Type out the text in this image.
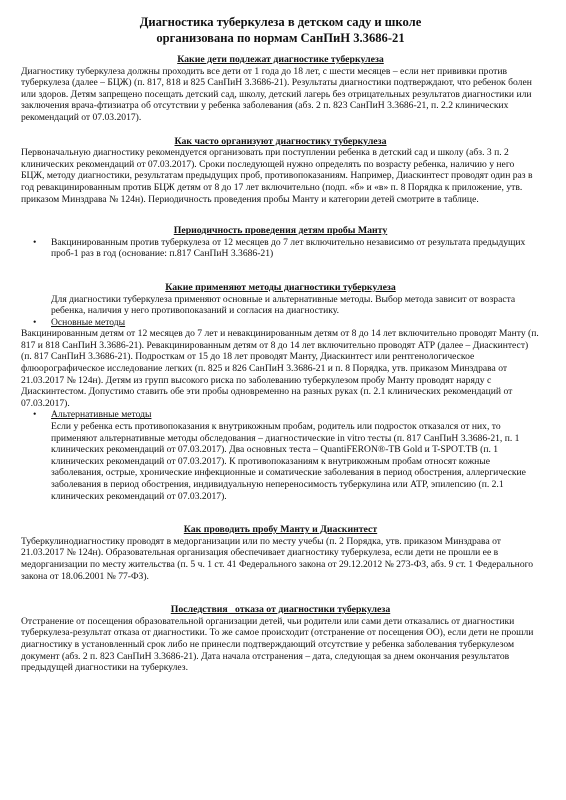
Диагностика туберкулеза в детском саду и школе
организована по нормам СанПиН 3.3686-21
Какие дети подлежат диагностике туберкулеза

Диагностику туберкулеза должны проходить все дети от 1 года до 18 лет, с шести месяцев – если нет прививки против туберкулеза (далее – БЦЖ) (п. 817, 818 и 825 СанПиН 3.3686-21). Результаты диагностики подтверждают, что ребенок болен или здоров. Детям запрещено посещать детский сад, школу, детский лагерь без отрицательных результатов диагностики или заключения врача-фтизиатра об отсутствии у ребенка заболевания (абз. 2 п. 823 СанПиН 3.3686-21, п. 2.2 клинических рекомендаций от 07.03.2017).

Как часто организуют диагностику туберкулеза

Первоначальную диагностику рекомендуется организовать при поступлении ребенка в детский сад и школу (абз. 3 п. 2 клинических рекомендаций от 07.03.2017). Сроки последующей нужно определять по возрасту ребенка, наличию у него БЦЖ, методу диагностики, результатам предыдущих проб, противопоказаниям. Например, Диаскинтест проводят один раз в год ревакцинированным против БЦЖ детям от 8 до 17 лет включительно (подп. «б» и «в» п. 8 Порядка к приложение, утв. приказом Минздрава № 124н). Периодичность проведения пробы Манту и категории детей смотрите в таблице.

Периодичность проведения детям пробы Манту
• Вакцинированным против туберкулеза от 12 месяцев до 7 лет включительно независимо от результата предыдущих проб-1 раз в год (основание: п.817 СанПиН 3.3686-21)
Какие применяют методы диагностики туберкулеза

Для диагностики туберкулеза применяют основные и альтернативные методы. Выбор метода зависит от возраста ребенка, наличия у него противопоказаний и согласия на диагностику.

• Основные методы

Вакцинированным детям от 12 месяцев до 7 лет и невакцинированным детям от 8 до 14 лет включительно проводят Манту (п. 817 и 818 СанПиН 3.3686-21). Ревакцинированным детям от 8 до 14 лет включительно проводят АТР (далее – Диаскинтест) (п. 817 СанПиН 3.3686-21). Подросткам от 15 до 18 лет проводят Манту, Диаскинтест или рентгенологическое флюорографическое исследование легких (п. 825 и 826 СанПиН 3.3686-21 и п. 8 Порядка, утв. приказом Минздрава от 21.03.2017 № 124н). Детям из групп высокого риска по заболеванию туберкулезом пробу Манту проводят наряду с Диаскинтестом. Допустимо ставить обе эти пробы одновременно на разных руках (п. 2.1 клинических рекомендаций от 07.03.2017).

• Альтернативные методы

Если у ребенка есть противопоказания к внутрикожным пробам, родитель или подросток отказался от них, то применяют альтернативные методы обследования – диагностические in vitro тесты (п. 817 СанПиН 3.3686-21, п. 1 клинических рекомендаций от 07.03.2017). Два основных теста – QuantiFERON®-TB Gold и T-SPOT.TB (п. 1 клинических рекомендаций от 07.03.2017). К противопоказаниям к внутрикожным пробам относят кожные заболевания, острые, хронические инфекционные и соматические заболевания в период обострения, аллергические заболевания в период обострения, индивидуальную непереносимость туберкулина или АТР, эпилепсию (п. 2.1 клинических рекомендаций от 07.03.2017).

Как проводить пробу Манту и Диаскинтест

Туберкулинодиагностику проводят в медорганизации или по месту учебы (п. 2 Порядка, утв. приказом Минздрава от 21.03.2017 № 124н). Образовательная организация обеспечивает диагностику туберкулеза, если дети не прошли ее в медорганизации по месту жительства (п. 5 ч. 1 ст. 41 Федерального закона от 29.12.2012 № 273-ФЗ, абз. 9 ст. 1 Федерального закона от 18.06.2001 № 77-ФЗ).

Последствия   отказа от диагностики туберкулеза

Отстранение от посещения образовательной организации детей, чьи родители или сами дети отказались от диагностики туберкулеза-результат отказа от диагностики. То же самое происходит (отстранение от посещения ОО), если дети не прошли диагностику в установленный срок либо не принесли подтверждающий отсутствие у ребенка заболевания туберкулезом документ (абз. 2 п. 823 СанПиН 3.3686-21). Дата начала отстранения – дата, следующая за днем окончания результатов предыдущей диагностики на туберкулез.
